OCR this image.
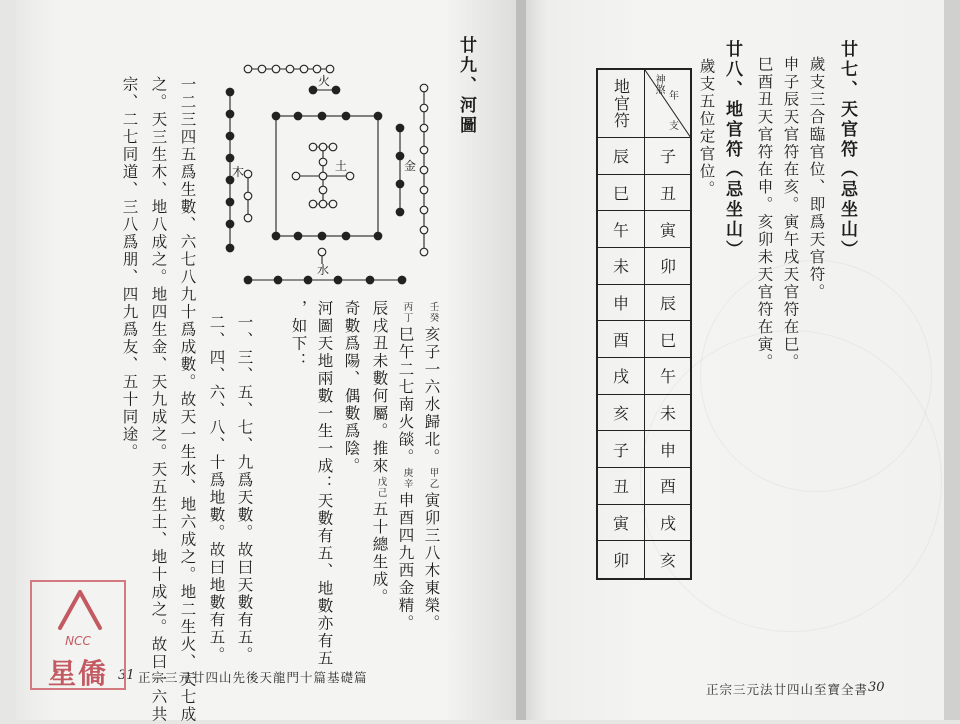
廿九、河圖
火
木	土	金
水
壬
癸
亥子一六水歸北。
甲
乙
寅卯三八木東榮。
丙
丁
巳午二七南火燄。
庚
辛
申酉四九西金精。
辰戌丑未數何屬。推來
戊
己
五十總生成。
奇數爲陽、偶數爲陰。
河圖天地兩數一生一成：天數有五、地數亦有五
，如下：
一、三、五、七、九爲天數。故曰天數有五。
二、四、六、八、十爲地數。故曰地數有五。
一二三四五爲生數、六七八九十爲成數。故天一生水、地六成之。地二生火、天七成
之。天三生木、地八成之。地四生金、天九成之。天五生土、地十成之。故曰一六共
宗、二七同道、三八爲朋、四九爲友、五十同途。
31 正宗三元廿四山先後天龍門十篇基礎篇
NCC
星僑
廿七、天官符（忌坐山）
歲支三合臨官位、即爲天官符。
申子辰天官符在亥。寅午戌天官符在巳。
巳酉丑天官符在申。亥卯未天官符在寅。
廿八、地官符（忌坐山）
歲支五位定官位。
地官符
辰
巳
午
未
申
酉
戌
亥
子
丑
寅
卯
神煞
年
支
子
丑
寅
卯
辰
巳
午
未
申
酉
戌
亥
正宗三元法廿四山至寶全書 30
